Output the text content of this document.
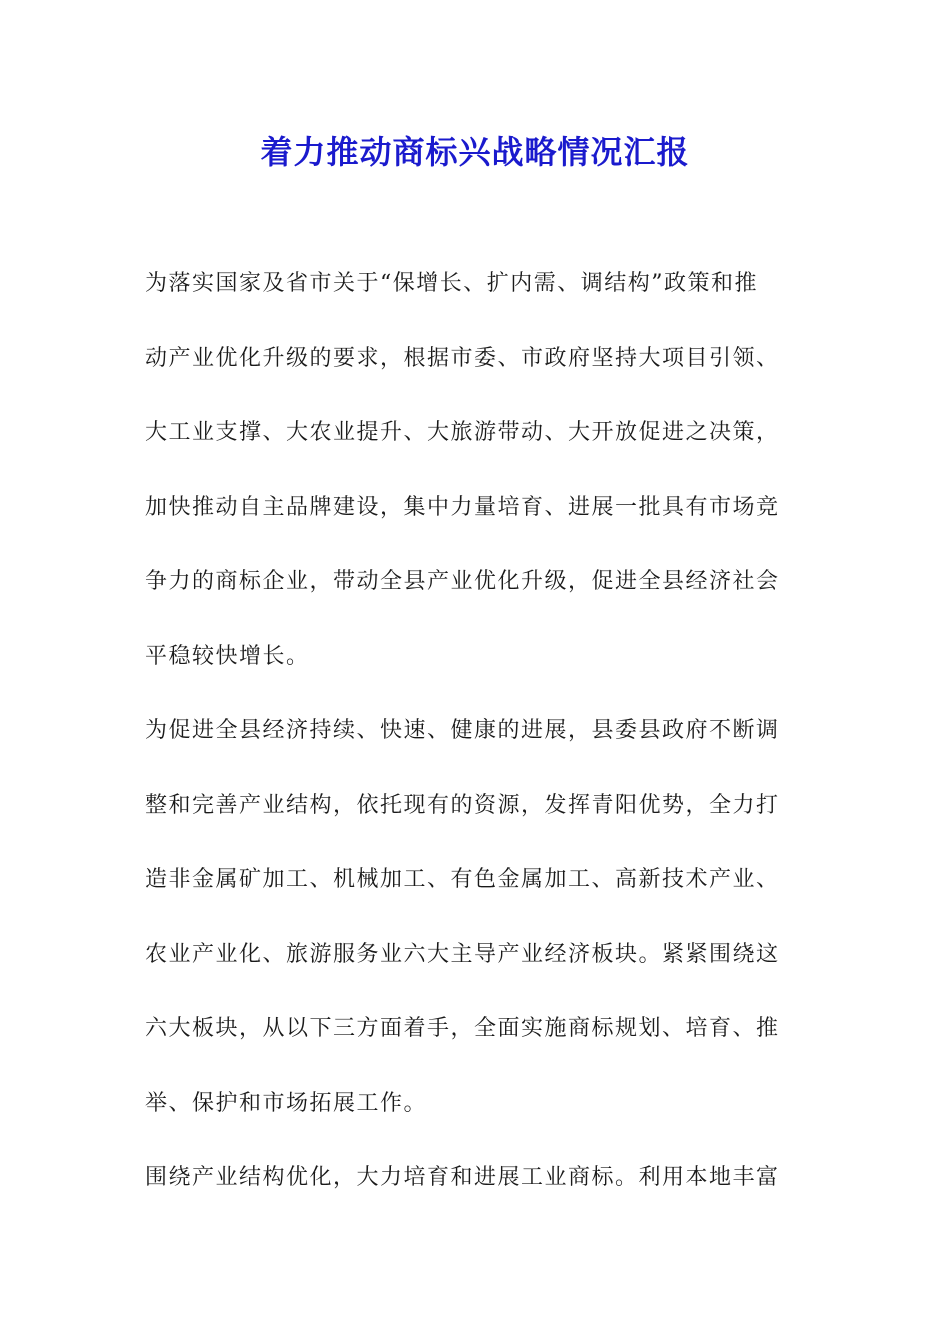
着力推动商标兴战略情况汇报

为落实国家及省市关于“保增长、扩内需、调结构”政策和推
动产业优化升级的要求，根据市委、市政府坚持大项目引领、
大工业支撑、大农业提升、大旅游带动、大开放促进之决策，
加快推动自主品牌建设，集中力量培育、进展一批具有市场竞
争力的商标企业，带动全县产业优化升级，促进全县经济社会
平稳较快增长。

为促进全县经济持续、快速、健康的进展，县委县政府不断调
整和完善产业结构，依托现有的资源，发挥青阳优势，全力打
造非金属矿加工、机械加工、有色金属加工、高新技术产业、
农业产业化、旅游服务业六大主导产业经济板块。紧紧围绕这
六大板块，从以下三方面着手，全面实施商标规划、培育、推
举、保护和市场拓展工作。

围绕产业结构优化，大力培育和进展工业商标。利用本地丰富
